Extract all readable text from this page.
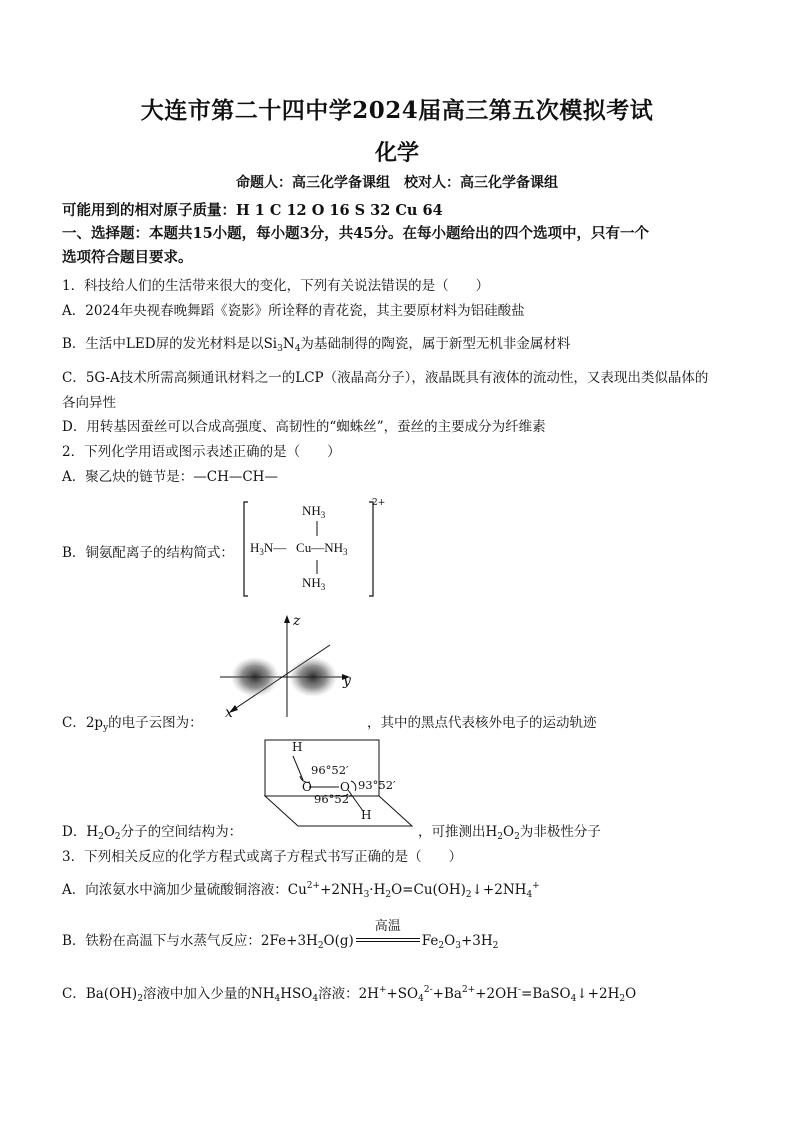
大连市第二十四中学2024届高三第五次模拟考试
化学
命题人：高三化学备课组　校对人：高三化学备课组
可能用到的相对原子质量：H 1 C 12 O 16 S 32 Cu 64
一、选择题：本题共15小题，每小题3分，共45分。在每小题给出的四个选项中，只有一个
选项符合题目要求。
1．科技给人们的生活带来很大的变化，下列有关说法错误的是（　　）
A．2024年央视春晚舞蹈《瓷影》所诠释的青花瓷，其主要原材料为铝硅酸盐
B．生活中LED屏的发光材料是以$Si_3N_4$为基础制得的陶瓷，属于新型无机非金属材料
C．5G-A技术所需高频通讯材料之一的LCP（液晶高分子），液晶既具有液体的流动性，又表现出类似晶体的
各向异性
D．用转基因蚕丝可以合成高强度、高韧性的“蜘蛛丝”，蚕丝的主要成分为纤维素
2．下列化学用语或图示表述正确的是（　　）
A．聚乙炔的链节是：—CH—CH—
B．铜氨配离子的结构简式：
$NH_3$
$H_3N—$ $Cu—NH_3$
$NH_3$
2+
z
y
x
C．$2p_y$的电子云图为：	，其中的黑点代表核外电子的运动轨迹
H
O O
H
96°52′
96°52′
93°52′
D．$H_2O_2$分子的空间结构为：	，可推测出$H_2O_2$为非极性分子
3．下列相关反应的化学方程式或离子方程式书写正确的是（　　）
A．向浓氨水中滴加少量硫酸铜溶液：$Cu^{2+}+2NH_3\cdot H_2O=Cu(OH)_2↓+2NH_4^+$
B．铁粉在高温下与水蒸气反应：$2Fe+3H_2O(g)$
高温
$Fe_2O_3+3H_2$
C．$Ba(OH)_2$溶液中加入少量的$NH_4HSO_4$溶液：$2H^++SO_4^{2-}+Ba^{2+}+2OH^-=BaSO_4↓+2H_2O$
